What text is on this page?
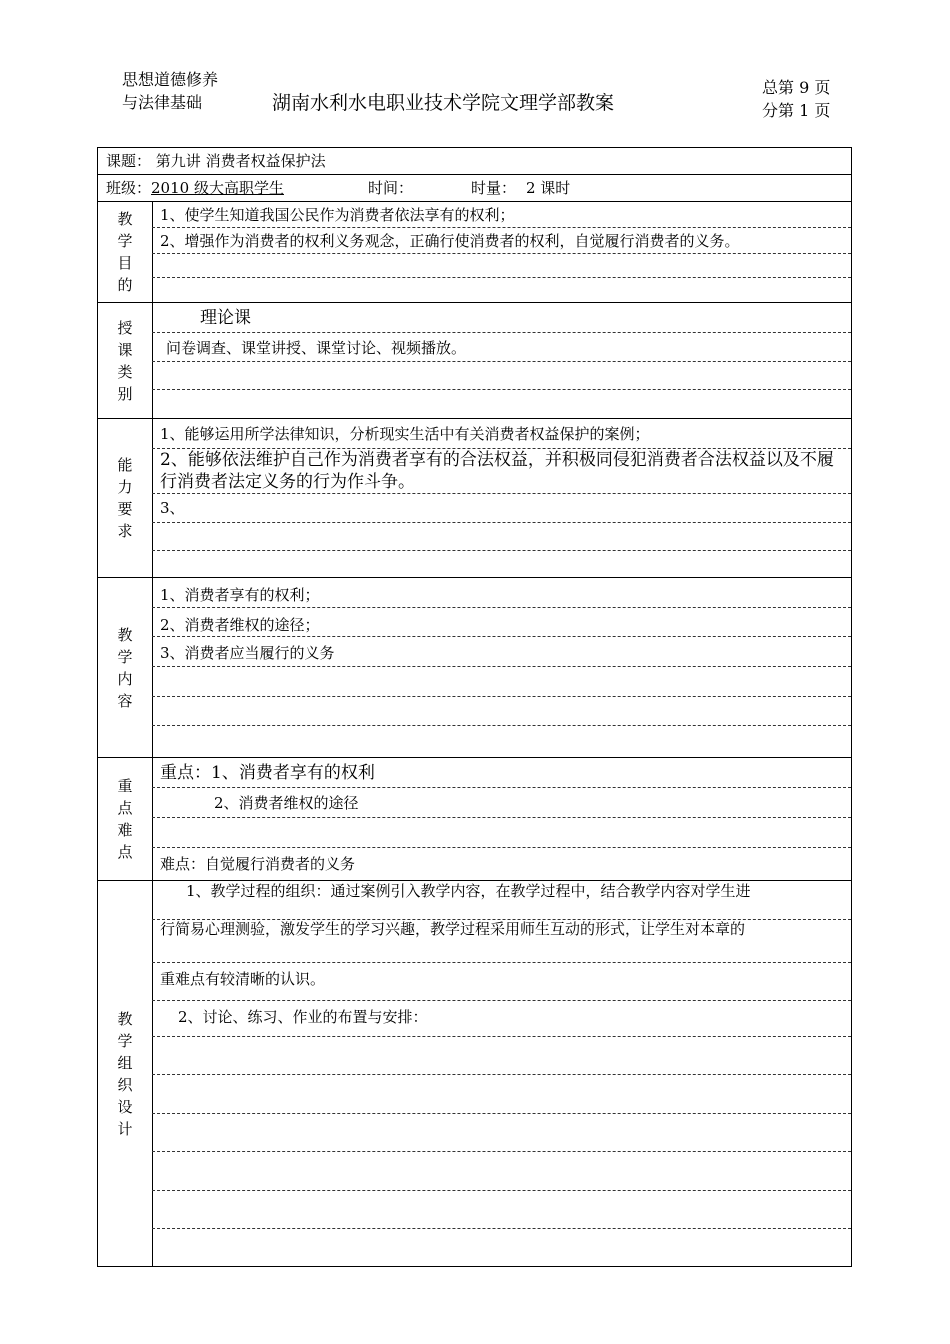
思想道德修养与法律基础	湖南水利水电职业技术学院文理学部教案
总第 9 页
分第 1 页
课题： 第九讲 消费者权益保护法
班级：2010 级大高职学生	时间：	时量： 2 课时
教学目的
1、使学生知道我国公民作为消费者依法享有的权利；
2、增强作为消费者的权利义务观念，正确行使消费者的权利，自觉履行消费者的义务。
授课类别
理论课
问卷调查、课堂讲授、课堂讨论、视频播放。
能力要求
1、能够运用所学法律知识，分析现实生活中有关消费者权益保护的案例；
2、能够依法维护自己作为消费者享有的合法权益，并积极同侵犯消费者合法权益以及不履行消费者法定义务的行为作斗争。
3、
教学内容
1、消费者享有的权利；
2、消费者维权的途径；
3、消费者应当履行的义务
重点难点
重点：1、消费者享有的权利
2、消费者维权的途径
难点：自觉履行消费者的义务
教学组织设计
1、教学过程的组织：通过案例引入教学内容，在教学过程中，结合教学内容对学生进
行简易心理测验，激发学生的学习兴趣，教学过程采用师生互动的形式，让学生对本章的
重难点有较清晰的认识。
2、讨论、练习、作业的布置与安排：
